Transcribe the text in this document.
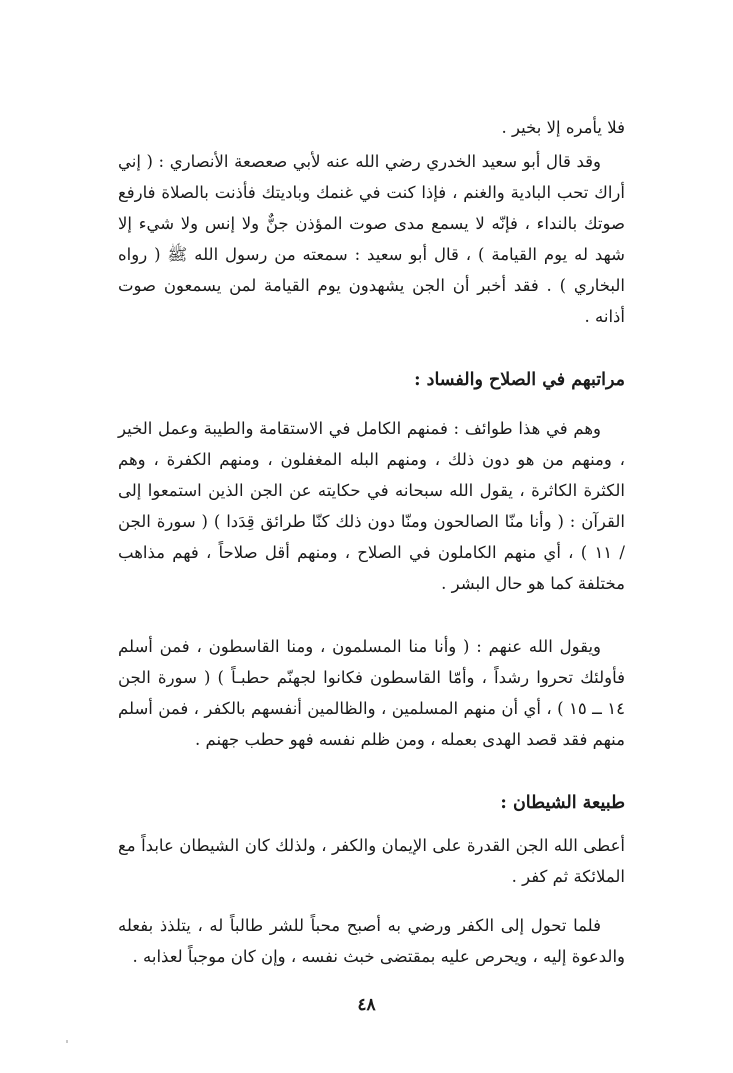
فلا يأمره إلا بخير .

وقد قال أبو سعيد الخدري رضي الله عنه لأبي صعصعة الأنصاري : ( إني أراك تحب البادية والغنم ، فإذا كنت في غنمك وباديتك فأذنت بالصلاة فارفع صوتك بالنداء ، فإنّه لا يسمع مدى صوت المؤذن جنٌّ ولا إنس ولا شيء إلا شهد له يوم القيامة ) ، قال أبو سعيد : سمعته من رسول الله ﷺ ( رواه البخاري ) . فقد أخبر أن الجن يشهدون يوم القيامة لمن يسمعون صوت أذانه .

مراتبهم في الصلاح والفساد :

وهم في هذا طوائف : فمنهم الكامل في الاستقامة والطيبة وعمل الخير ، ومنهم من هو دون ذلك ، ومنهم البله المغفلون ، ومنهم الكفرة ، وهم الكثرة الكاثرة ، يقول الله سبحانه في حكايته عن الجن الذين استمعوا إلى القرآن : ( وأنا منّا الصالحون ومنّا دون ذلك كنّا طرائق قِدَدا ) ( سورة الجن / ١١ ) ، أي منهم الكاملون في الصلاح ، ومنهم أقل صلاحاً ، فهم مذاهب مختلفة كما هو حال البشر .

ويقول الله عنهم : ( وأنا منا المسلمون ، ومنا القاسطون ، فمن أسلم فأولئك تحروا رشداً ، وأمّا القاسطون فكانوا لجهنّم حطبـاً ) ( سورة الجن ١٤ ــ ١٥ ) ، أي أن منهم المسلمين ، والظالمين أنفسهم بالكفر ، فمن أسلم منهم فقد قصد الهدى بعمله ، ومن ظلم نفسه فهو حطب جهنم .

طبيعة الشيطان :

أعطى الله الجن القدرة على الإيمان والكفر ، ولذلك كان الشيطان عابداً مع الملائكة ثم كفر .

فلما تحول إلى الكفر ورضي به أصبح محباً للشر طالباً له ، يتلذذ بفعله والدعوة إليه ، ويحرص عليه بمقتضى خبث نفسه ، وإن كان موجباً لعذابه .

٤٨
